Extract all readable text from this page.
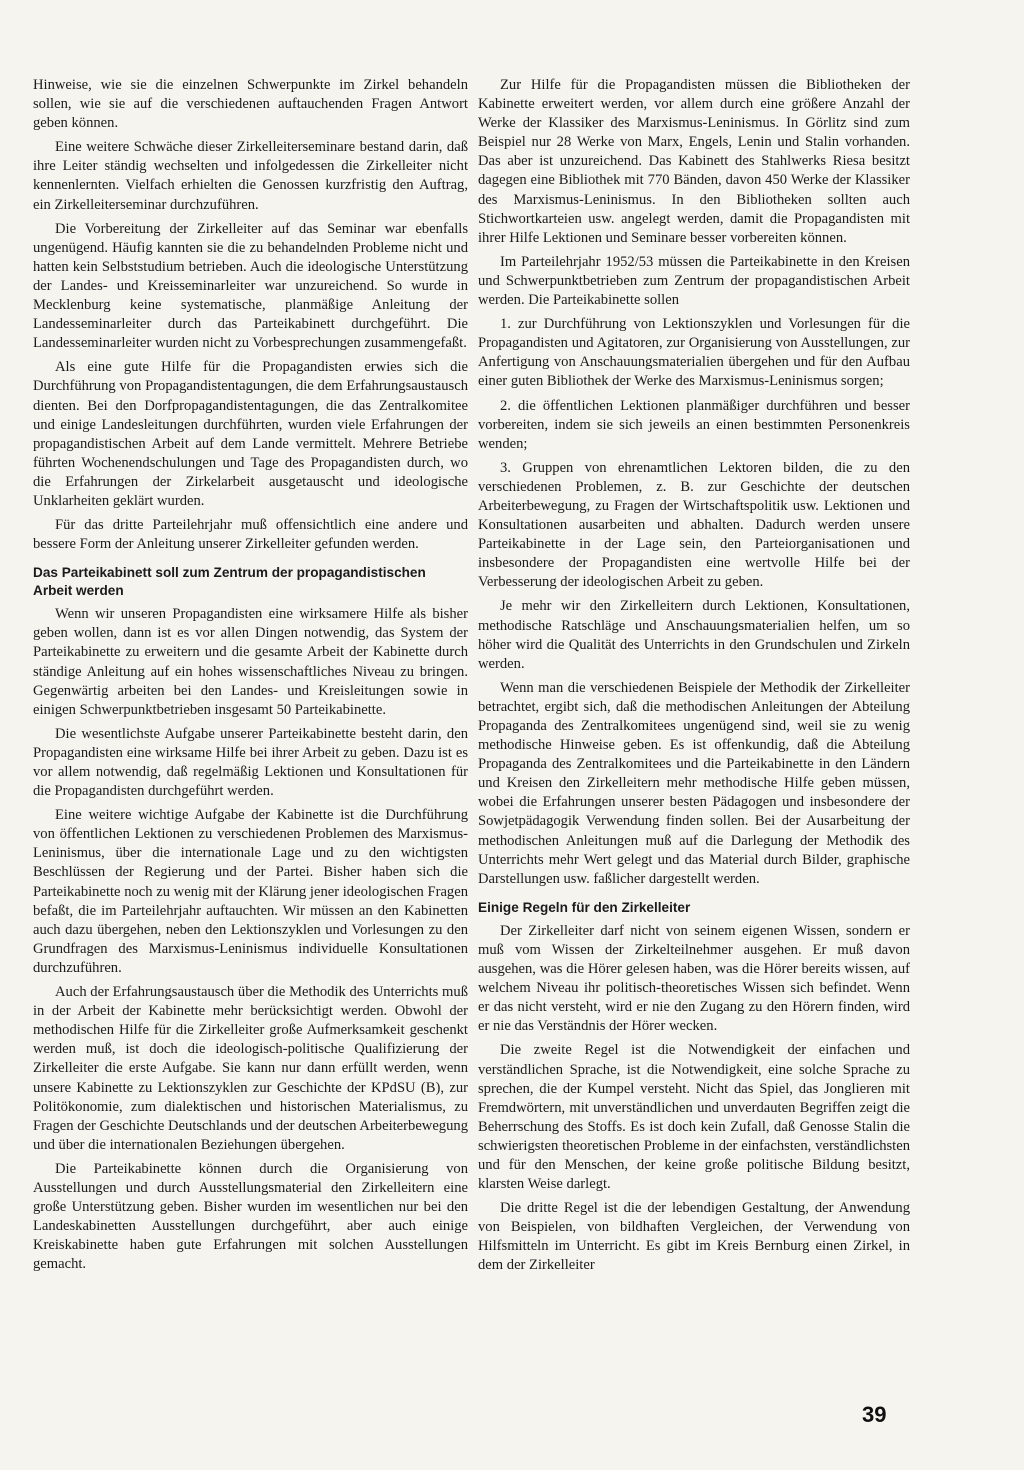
Hinweise, wie sie die einzelnen Schwerpunkte im Zirkel behandeln sollen, wie sie auf die verschiedenen auftauchenden Fragen Antwort geben können.

Eine weitere Schwäche dieser Zirkelleiterseminare bestand darin, daß ihre Leiter ständig wechselten und infolgedessen die Zirkelleiter nicht kennenlernten. Vielfach erhielten die Genossen kurzfristig den Auftrag, ein Zirkelleiterseminar durchzuführen.

Die Vorbereitung der Zirkelleiter auf das Seminar war ebenfalls ungenügend. Häufig kannten sie die zu behandelnden Probleme nicht und hatten kein Selbststudium betrieben. Auch die ideologische Unterstützung der Landes- und Kreisseminarleiter war unzureichend. So wurde in Mecklenburg keine systematische, planmäßige Anleitung der Landesseminarleiter durch das Parteikabinett durchgeführt. Die Landesseminarleiter wurden nicht zu Vorbesprechungen zusammengefaßt.

Als eine gute Hilfe für die Propagandisten erwies sich die Durchführung von Propagandistentagungen, die dem Erfahrungsaustausch dienten. Bei den Dorfpropagandistentagungen, die das Zentralkomitee und einige Landesleitungen durchführten, wurden viele Erfahrungen der propagandistischen Arbeit auf dem Lande vermittelt. Mehrere Betriebe führten Wochenendschulungen und Tage des Propagandisten durch, wo die Erfahrungen der Zirkelarbeit ausgetauscht und ideologische Unklarheiten geklärt wurden.

Für das dritte Parteilehrjahr muß offensichtlich eine andere und bessere Form der Anleitung unserer Zirkelleiter gefunden werden.

Das Parteikabinett soll zum Zentrum der propagandistischen Arbeit werden

Wenn wir unseren Propagandisten eine wirksamere Hilfe als bisher geben wollen, dann ist es vor allen Dingen notwendig, das System der Parteikabinette zu erweitern und die gesamte Arbeit der Kabinette durch ständige Anleitung auf ein hohes wissenschaftliches Niveau zu bringen. Gegenwärtig arbeiten bei den Landes- und Kreisleitungen sowie in einigen Schwerpunktbetrieben insgesamt 50 Parteikabinette.

Die wesentlichste Aufgabe unserer Parteikabinette besteht darin, den Propagandisten eine wirksame Hilfe bei ihrer Arbeit zu geben. Dazu ist es vor allem notwendig, daß regelmäßig Lektionen und Konsultationen für die Propagandisten durchgeführt werden.

Eine weitere wichtige Aufgabe der Kabinette ist die Durchführung von öffentlichen Lektionen zu verschiedenen Problemen des Marxismus-Leninismus, über die internationale Lage und zu den wichtigsten Beschlüssen der Regierung und der Partei. Bisher haben sich die Parteikabinette noch zu wenig mit der Klärung jener ideologischen Fragen befaßt, die im Parteilehrjahr auftauchten. Wir müssen an den Kabinetten auch dazu übergehen, neben den Lektionszyklen und Vorlesungen zu den Grundfragen des Marxismus-Leninismus individuelle Konsultationen durchzuführen.

Auch der Erfahrungsaustausch über die Methodik des Unterrichts muß in der Arbeit der Kabinette mehr berücksichtigt werden. Obwohl der methodischen Hilfe für die Zirkelleiter große Aufmerksamkeit geschenkt werden muß, ist doch die ideologisch-politische Qualifizierung der Zirkelleiter die erste Aufgabe. Sie kann nur dann erfüllt werden, wenn unsere Kabinette zu Lektionszyklen zur Geschichte der KPdSU (B), zur Politökonomie, zum dialektischen und historischen Materialismus, zu Fragen der Geschichte Deutschlands und der deutschen Arbeiterbewegung und über die internationalen Beziehungen übergehen.

Die Parteikabinette können durch die Organisierung von Ausstellungen und durch Ausstellungsmaterial den Zirkelleitern eine große Unterstützung geben. Bisher wurden im wesentlichen nur bei den Landeskabinetten Ausstellungen durchgeführt, aber auch einige Kreiskabinette haben gute Erfahrungen mit solchen Ausstellungen gemacht.

Zur Hilfe für die Propagandisten müssen die Bibliotheken der Kabinette erweitert werden, vor allem durch eine größere Anzahl der Werke der Klassiker des Marxismus-Leninismus. In Görlitz sind zum Beispiel nur 28 Werke von Marx, Engels, Lenin und Stalin vorhanden. Das aber ist unzureichend. Das Kabinett des Stahlwerks Riesa besitzt dagegen eine Bibliothek mit 770 Bänden, davon 450 Werke der Klassiker des Marxismus-Leninismus. In den Bibliotheken sollten auch Stichwortkarteien usw. angelegt werden, damit die Propagandisten mit ihrer Hilfe Lektionen und Seminare besser vorbereiten können.

Im Parteilehrjahr 1952/53 müssen die Parteikabinette in den Kreisen und Schwerpunktbetrieben zum Zentrum der propagandistischen Arbeit werden. Die Parteikabinette sollen

1. zur Durchführung von Lektionszyklen und Vorlesungen für die Propagandisten und Agitatoren, zur Organisierung von Ausstellungen, zur Anfertigung von Anschauungsmaterialien übergehen und für den Aufbau einer guten Bibliothek der Werke des Marxismus-Leninismus sorgen;

2. die öffentlichen Lektionen planmäßiger durchführen und besser vorbereiten, indem sie sich jeweils an einen bestimmten Personenkreis wenden;

3. Gruppen von ehrenamtlichen Lektoren bilden, die zu den verschiedenen Problemen, z. B. zur Geschichte der deutschen Arbeiterbewegung, zu Fragen der Wirtschaftspolitik usw. Lektionen und Konsultationen ausarbeiten und abhalten. Dadurch werden unsere Parteikabinette in der Lage sein, den Parteiorganisationen und insbesondere der Propagandisten eine wertvolle Hilfe bei der Verbesserung der ideologischen Arbeit zu geben.

Je mehr wir den Zirkelleitern durch Lektionen, Konsultationen, methodische Ratschläge und Anschauungsmaterialien helfen, um so höher wird die Qualität des Unterrichts in den Grundschulen und Zirkeln werden.

Wenn man die verschiedenen Beispiele der Methodik der Zirkelleiter betrachtet, ergibt sich, daß die methodischen Anleitungen der Abteilung Propaganda des Zentralkomitees ungenügend sind, weil sie zu wenig methodische Hinweise geben. Es ist offenkundig, daß die Abteilung Propaganda des Zentralkomitees und die Parteikabinette in den Ländern und Kreisen den Zirkelleitern mehr methodische Hilfe geben müssen, wobei die Erfahrungen unserer besten Pädagogen und insbesondere der Sowjetpädagogik Verwendung finden sollen. Bei der Ausarbeitung der methodischen Anleitungen muß auf die Darlegung der Methodik des Unterrichts mehr Wert gelegt und das Material durch Bilder, graphische Darstellungen usw. faßlicher dargestellt werden.

Einige Regeln für den Zirkelleiter

Der Zirkelleiter darf nicht von seinem eigenen Wissen, sondern er muß vom Wissen der Zirkelteilnehmer ausgehen. Er muß davon ausgehen, was die Hörer gelesen haben, was die Hörer bereits wissen, auf welchem Niveau ihr politisch-theoretisches Wissen sich befindet. Wenn er das nicht versteht, wird er nie den Zugang zu den Hörern finden, wird er nie das Verständnis der Hörer wecken.

Die zweite Regel ist die Notwendigkeit der einfachen und verständlichen Sprache, ist die Notwendigkeit, eine solche Sprache zu sprechen, die der Kumpel versteht. Nicht das Spiel, das Jonglieren mit Fremdwörtern, mit unverständlichen und unverdauten Begriffen zeigt die Beherrschung des Stoffs. Es ist doch kein Zufall, daß Genosse Stalin die schwierigsten theoretischen Probleme in der einfachsten, verständlichsten und für den Menschen, der keine große politische Bildung besitzt, klarsten Weise darlegt.

Die dritte Regel ist die der lebendigen Gestaltung, der Anwendung von Beispielen, von bildhaften Vergleichen, der Verwendung von Hilfsmitteln im Unterricht. Es gibt im Kreis Bernburg einen Zirkel, in dem der Zirkelleiter

39
